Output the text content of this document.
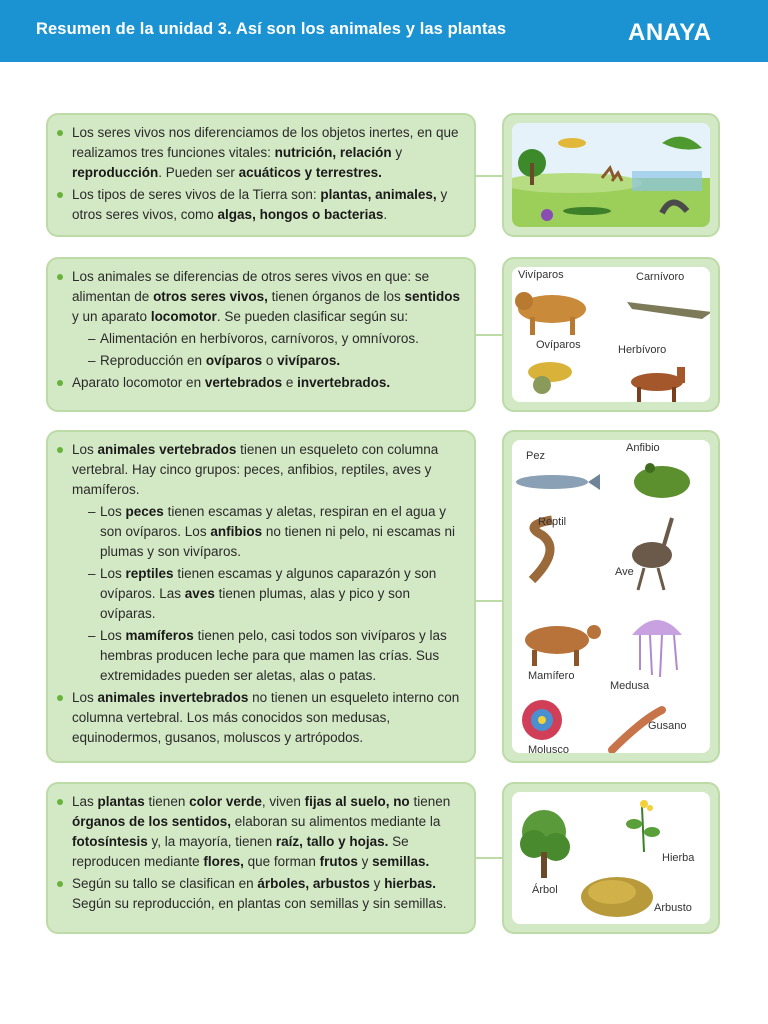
Resumen de la unidad 3. Así son los animales y las plantas	ANAYA
Los seres vivos nos diferenciamos de los objetos inertes, en que realizamos tres funciones vitales: nutrición, relación y reproducción. Pueden ser acuáticos y terrestres.
Los tipos de seres vivos de la Tierra son: plantas, animales, y otros seres vivos, como algas, hongos o bacterias.
Los animales se diferencias de otros seres vivos en que: se alimentan de otros seres vivos, tienen órganos de los sentidos y un aparato locomotor. Se pueden clasificar según su:
– Alimentación en herbívoros, carnívoros, y omnívoros.
– Reproducción en ovíparos o vivíparos.
Aparato locomotor en vertebrados e invertebrados.
Vivíparos	Carnívoro
Ovíparos	Herbívoro
Los animales vertebrados tienen un esqueleto con columna vertebral. Hay cinco grupos: peces, anfibios, reptiles, aves y mamíferos.
– Los peces tienen escamas y aletas, respiran en el agua y son ovíparos. Los anfibios no tienen ni pelo, ni escamas ni plumas y son vivíparos.
– Los reptiles tienen escamas y algunos caparazón y son ovíparos. Las aves tienen plumas, alas y pico y son ovíparas.
– Los mamíferos tienen pelo, casi todos son vivíparos y las hembras producen leche para que mamen las crías. Sus extremidades pueden ser aletas, alas o patas.
Los animales invertebrados no tienen un esqueleto interno con columna vertebral. Los más conocidos son medusas, equinodermos, gusanos, moluscos y artrópodos.
Pez
Anfibio
Reptil
Ave
Mamífero
Medusa
Gusano
Molusco
Las plantas tienen color verde, viven fijas al suelo, no tienen órganos de los sentidos, elaboran su alimentos mediante la fotosíntesis y, la mayoría, tienen raíz, tallo y hojas. Se reproducen mediante flores, que forman frutos y semillas.
Según su tallo se clasifican en árboles, arbustos y hierbas. Según su reproducción, en plantas con semillas y sin semillas.
Hierba
Árbol
Arbusto
